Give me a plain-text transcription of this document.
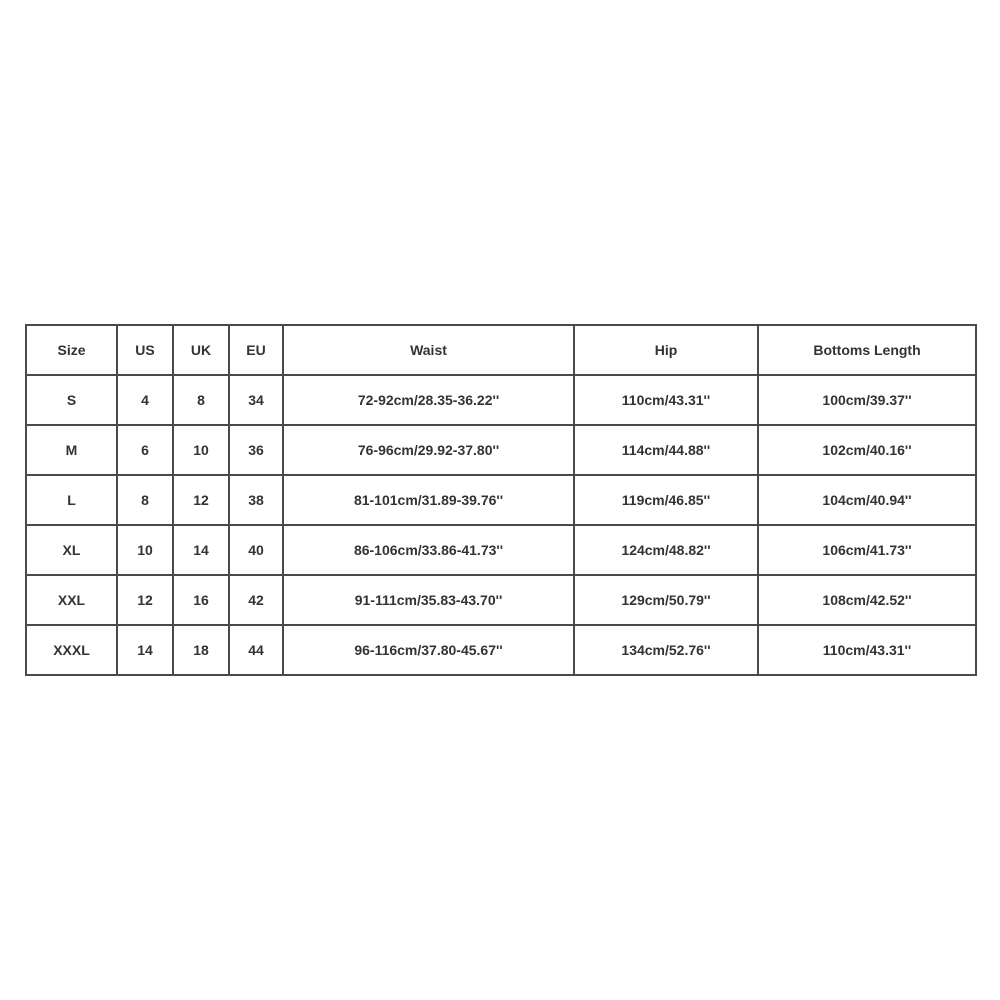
Size	US	UK	EU	Waist	Hip	Bottoms Length
S	4	8	34	72-92cm/28.35-36.22''	110cm/43.31''	100cm/39.37''
M	6	10	36	76-96cm/29.92-37.80''	114cm/44.88''	102cm/40.16''
L	8	12	38	81-101cm/31.89-39.76''	119cm/46.85''	104cm/40.94''
XL	10	14	40	86-106cm/33.86-41.73''	124cm/48.82''	106cm/41.73''
XXL	12	16	42	91-111cm/35.83-43.70''	129cm/50.79''	108cm/42.52''
XXXL	14	18	44	96-116cm/37.80-45.67''	134cm/52.76''	110cm/43.31''
